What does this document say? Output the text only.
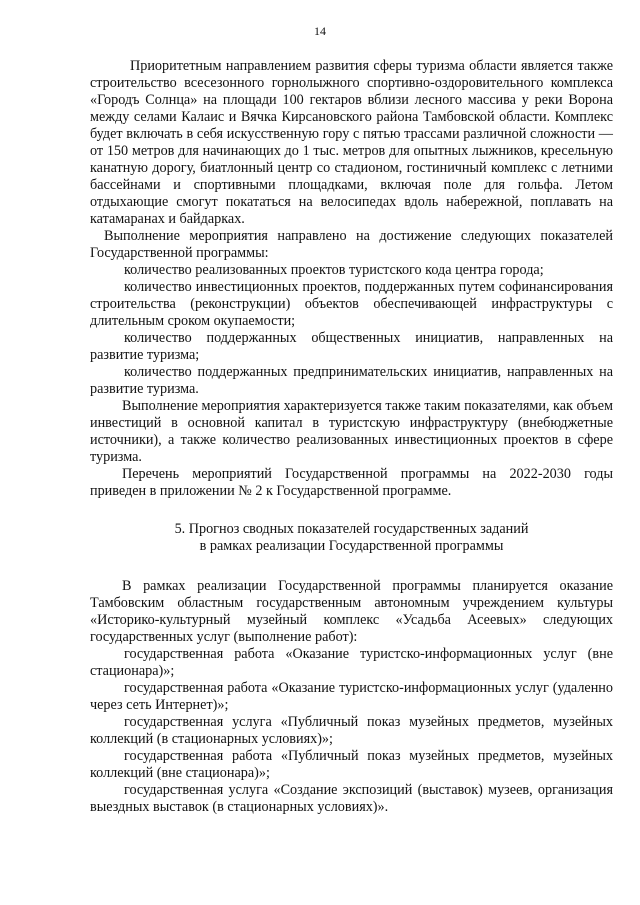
14

Приоритетным направлением развития сферы туризма области является также строительство всесезонного горнолыжного спортивно-оздоровительного комплекса «Городъ Солнца» на площади 100 гектаров вблизи лесного массива у реки Ворона между селами Калаис и Вячка Кирсановского района Тамбовской области. Комплекс будет включать в себя искусственную гору с пятью трассами различной сложности — от 150 метров для начинающих до 1 тыс. метров для опытных лыжников, кресельную канатную дорогу, биатлонный центр со стадионом, гостиничный комплекс с летними бассейнами и спортивными площадками, включая поле для гольфа. Летом отдыхающие смогут покататься на велосипедах вдоль набережной, поплавать на катамаранах и байдарках.

Выполнение мероприятия направлено на достижение следующих показателей Государственной программы:

количество реализованных проектов туристского кода центра города;

количество инвестиционных проектов, поддержанных путем софинансирования строительства (реконструкции) объектов обеспечивающей инфраструктуры с длительным сроком окупаемости;

количество поддержанных общественных инициатив, направленных на развитие туризма;

количество поддержанных предпринимательских инициатив, направленных на развитие туризма.

Выполнение мероприятия характеризуется также таким показателями, как объем инвестиций в основной капитал в туристскую инфраструктуру (внебюджетные источники), а также количество реализованных инвестиционных проектов в сфере туризма.

Перечень мероприятий Государственной программы на 2022-2030 годы приведен в приложении № 2 к Государственной программе.

5. Прогноз сводных показателей государственных заданий
в рамках реализации Государственной программы

В рамках реализации Государственной программы планируется оказание Тамбовским областным государственным автономным учреждением культуры «Историко-культурный музейный комплекс «Усадьба Асеевых» следующих государственных услуг (выполнение работ):

государственная работа «Оказание туристско-информационных услуг (вне стационара)»;

государственная работа «Оказание туристско-информационных услуг (удаленно через сеть Интернет)»;

государственная услуга «Публичный показ музейных предметов, музейных коллекций (в стационарных условиях)»;

государственная работа «Публичный показ музейных предметов, музейных коллекций (вне стационара)»;

государственная услуга «Создание экспозиций (выставок) музеев, организация выездных выставок (в стационарных условиях)».
